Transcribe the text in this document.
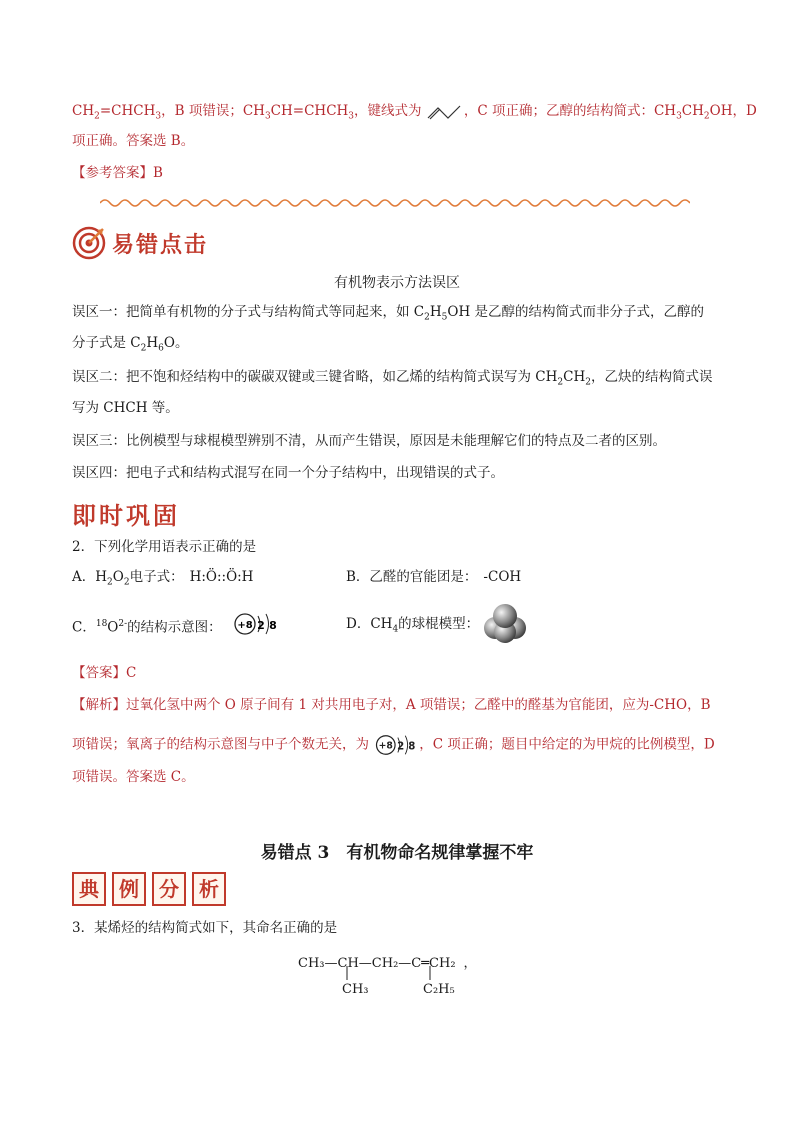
$CH_2=CHCH_3$，B 项错误；$CH_3CH=CHCH_3$，键线式为	，C 项正确；乙醇的结构简式：$CH_3CH_2OH$，D
项正确。答案选 B。
【参考答案】B
易错点击
有机物表示方法误区
误区一：把简单有机物的分子式与结构简式等同起来，如 $C_2H_5OH$ 是乙醇的结构简式而非分子式，乙醇的
分子式是 $C_2H_6O$。
误区二：把不饱和烃结构中的碳碳双键或三键省略，如乙烯的结构简式误写为 $CH_2CH_2$，乙炔的结构简式误
写为 CHCH 等。
误区三：比例模型与球棍模型辨别不清，从而产生错误，原因是未能理解它们的特点及二者的区别。
误区四：把电子式和结构式混写在同一个分子结构中，出现错误的式子。
即时巩固
2．下列化学用语表示正确的是
A．$H_2O_2$电子式： H:Ö::Ö:H	B．乙醛的官能团是： -COH
C．$^{18}O^{2-}$的结构示意图： +8 2 8	D．$CH_4$的球棍模型：
【答案】C
【解析】过氧化氢中两个 O 原子间有 1 对共用电子对，A 项错误；乙醛中的醛基为官能团，应为-CHO，B
项错误；氧离子的结构示意图与中子个数无关，为 +8 2 8 ，C 项正确；题目中给定的为甲烷的比例模型，D
项错误。答案选 C。
易错点 3　有机物命名规律掌握不牢
典	例	分	析
3．某烯烃的结构简式如下，其命名正确的是
CH₃—CH—CH₂—C═CH₂ ，
CH₃	C₂H₅
